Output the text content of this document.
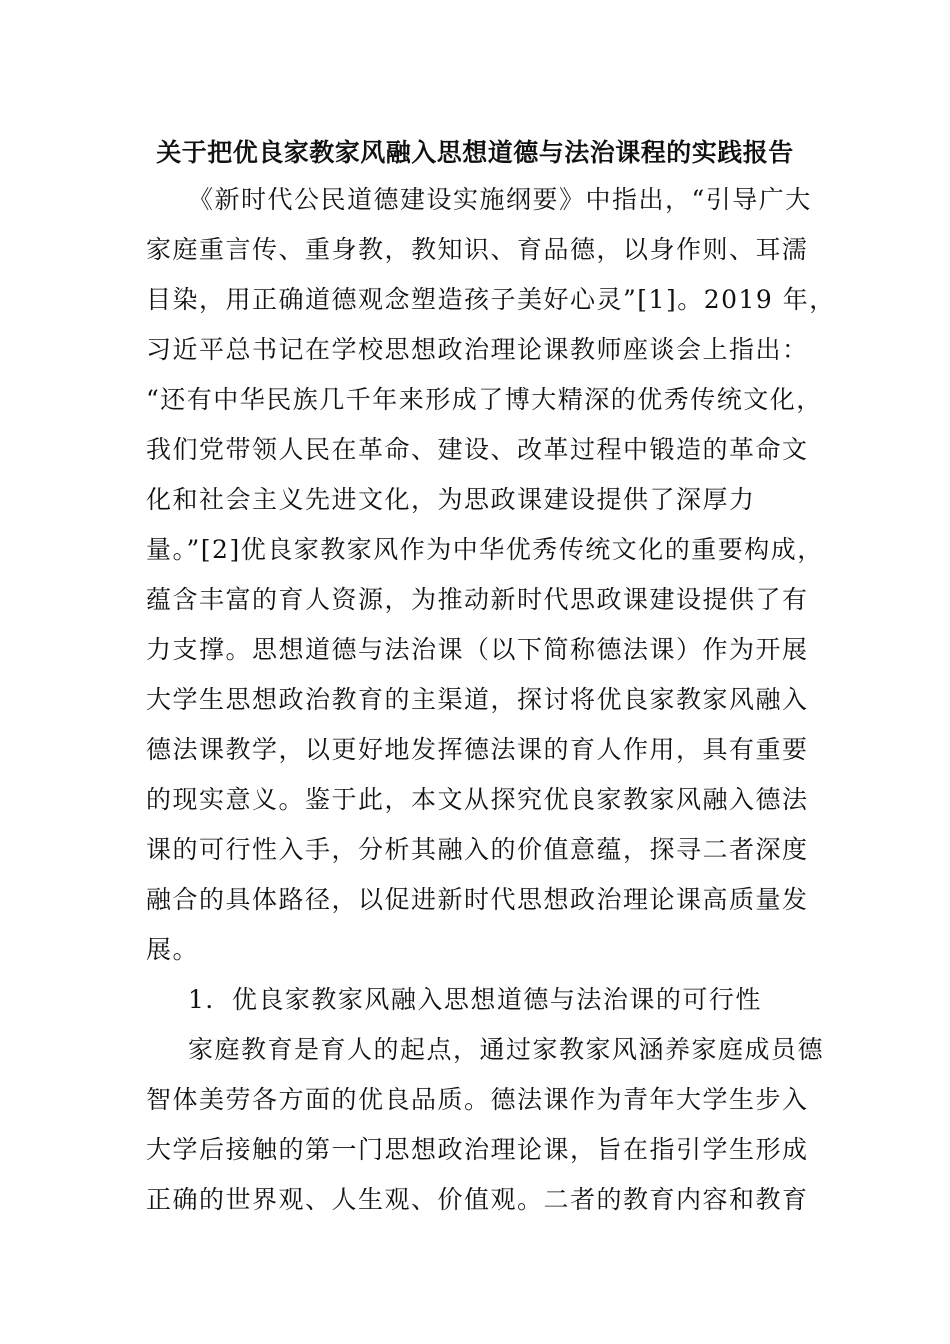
关于把优良家教家风融入思想道德与法治课程的实践报告
《新时代公民道德建设实施纲要》中指出，“引导广大
家庭重言传、重身教，教知识、育品德，以身作则、耳濡
目染，用正确道德观念塑造孩子美好心灵”[1]。2019 年，
习近平总书记在学校思想政治理论课教师座谈会上指出：
“还有中华民族几千年来形成了博大精深的优秀传统文化，
我们党带领人民在革命、建设、改革过程中锻造的革命文
化和社会主义先进文化，为思政课建设提供了深厚力
量。”[2]优良家教家风作为中华优秀传统文化的重要构成，
蕴含丰富的育人资源，为推动新时代思政课建设提供了有
力支撑。思想道德与法治课（以下简称德法课）作为开展
大学生思想政治教育的主渠道，探讨将优良家教家风融入
德法课教学，以更好地发挥德法课的育人作用，具有重要
的现实意义。鉴于此，本文从探究优良家教家风融入德法
课的可行性入手，分析其融入的价值意蕴，探寻二者深度
融合的具体路径，以促进新时代思想政治理论课高质量发
展。
1．优良家教家风融入思想道德与法治课的可行性
家庭教育是育人的起点，通过家教家风涵养家庭成员德
智体美劳各方面的优良品质。德法课作为青年大学生步入
大学后接触的第一门思想政治理论课，旨在指引学生形成
正确的世界观、人生观、价值观。二者的教育内容和教育
